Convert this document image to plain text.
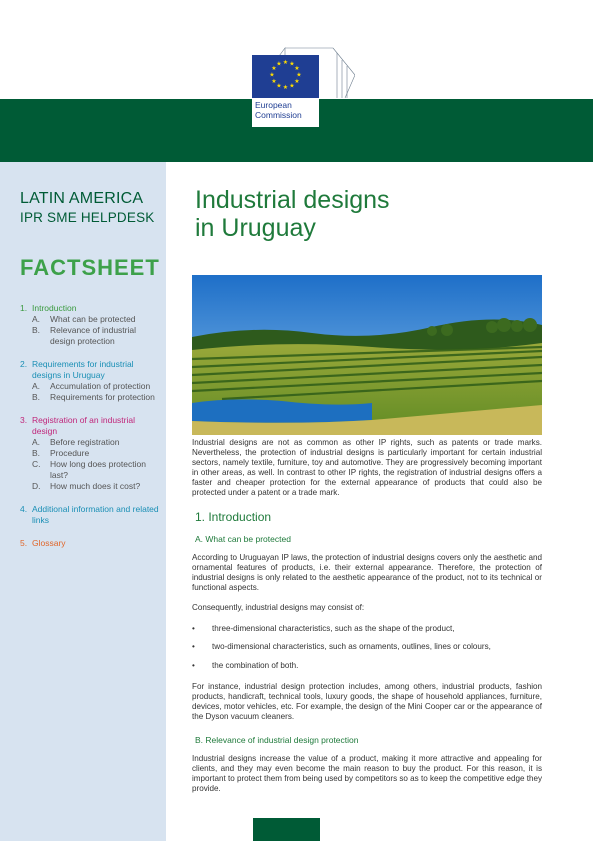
★ ★
★
★
★
★
★
★
★
★
★
★
European
Commission
LATIN AMERICA
IPR SME HELPDESK
FACTSHEET
1. Introduction
A.	What can be protected
B.	Relevance of industrial design protection
2. Requirements for industrial designs in Uruguay
A.	Accumulation of protection
B.	Requirements for protection
3. Registration of an industrial design
A.	Before registration
B.	Procedure
C.	How long does protection last?
D.	How much does it cost?
4. Additional information and related links
5. Glossary
Industrial designs
in Uruguay

Industrial designs are not as common as other IP rights, such as patents or trade marks. Nevertheless, the protection of industrial designs is particularly important for certain industrial sectors, namely textile, furniture, toy and automotive. They are progressively becoming important in other areas, as well. In contrast to other IP rights, the registration of industrial designs offers a faster and cheaper protection for the external appearance of products that could also be protected under a patent or a trade mark.

1. Introduction
A. What can be protected

According to Uruguayan IP laws, the protection of industrial designs covers only the aesthetic and ornamental features of products, i.e. their external appearance. Therefore, the protection of industrial designs is only related to the aesthetic appearance of the product, not to its technical or functional aspects.

Consequently, industrial designs may consist of:

• three-dimensional characteristics, such as the shape of the product,
• two-dimensional characteristics, such as ornaments, outlines, lines or colours,
• the combination of both.

For instance, industrial design protection includes, among others, industrial products, fashion products, handicraft, technical tools, luxury goods, the shape of household appliances, furniture, devices, motor vehicles, etc. For example, the design of the Mini Cooper car or the appearance of the Dyson vacuum cleaners.

B. Relevance of industrial design protection

Industrial designs increase the value of a product, making it more attractive and appealing for clients, and they may even become the main reason to buy the product. For this reason, it is important to protect them from being used by competitors so as to keep the competitive edge they provide.
